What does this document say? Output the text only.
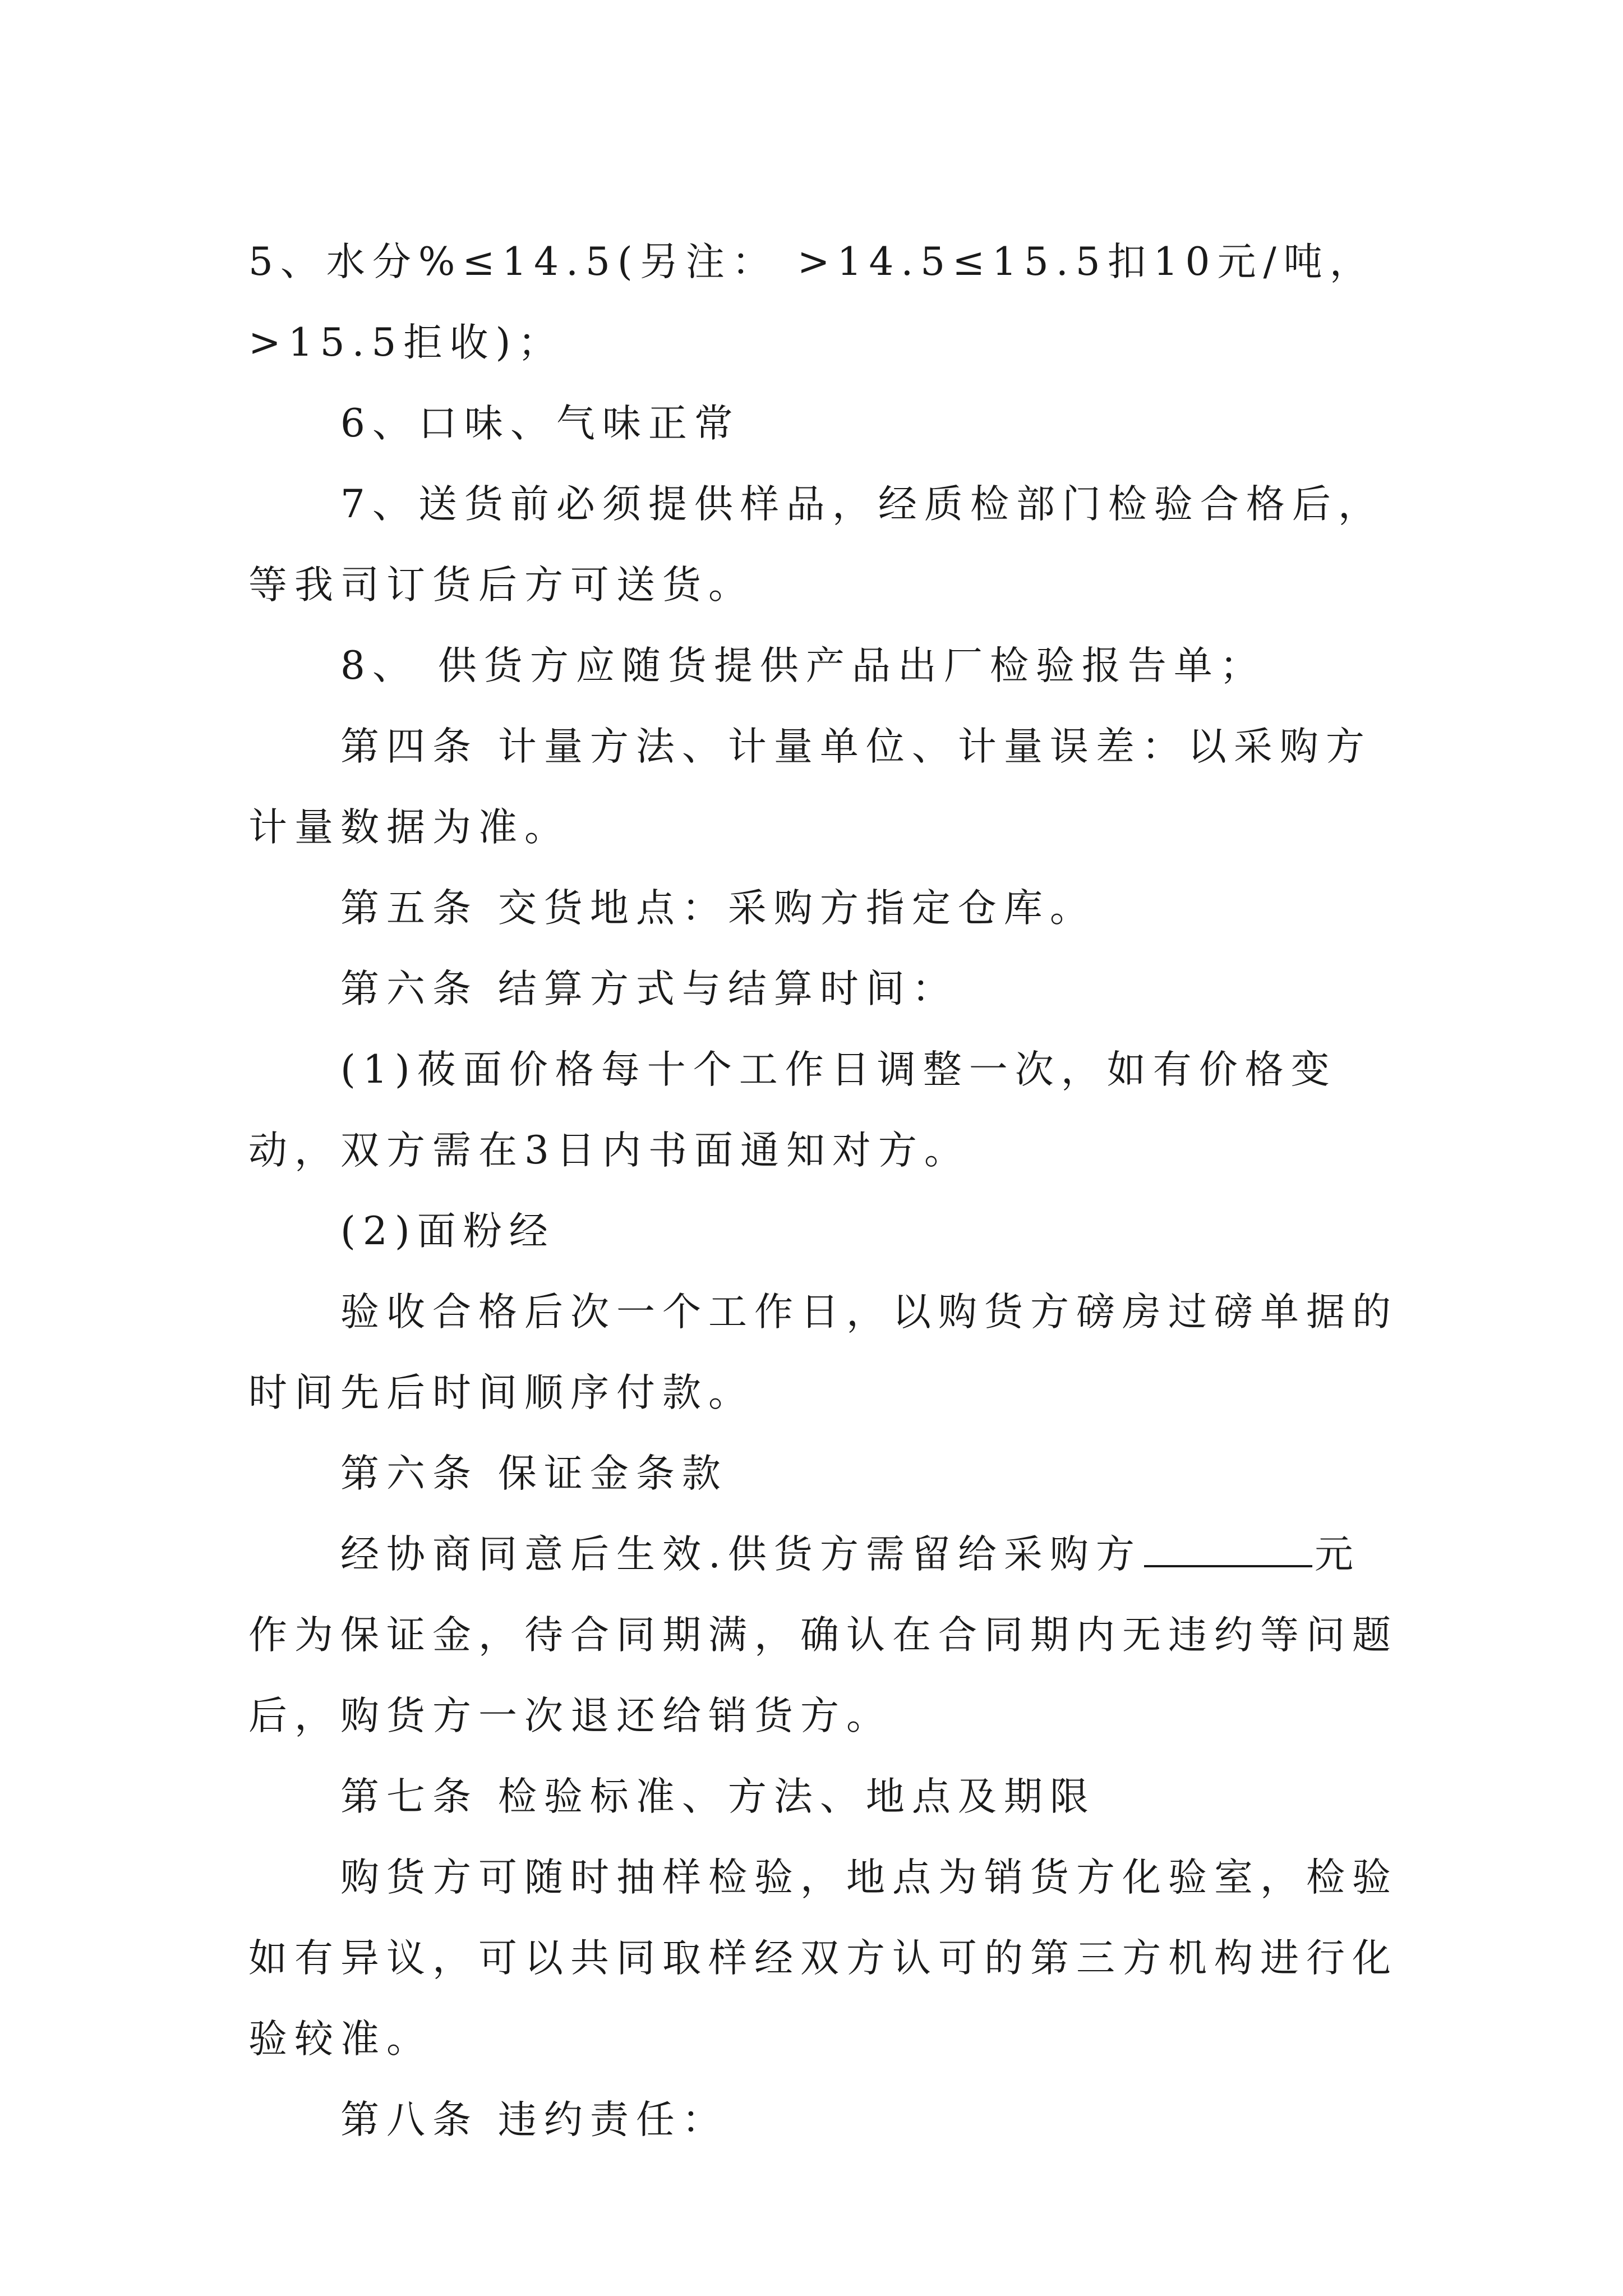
5、水分%≤14.5(另注： >14.5≤15.5扣10元/吨，>15.5拒收)；

6、口味、气味正常

7、送货前必须提供样品，经质检部门检验合格后，等我司订货后方可送货。

8、 供货方应随货提供产品出厂检验报告单；

第四条 计量方法、计量单位、计量误差：以采购方计量数据为准。

第五条 交货地点：采购方指定仓库。

第六条 结算方式与结算时间：

(1)莜面价格每十个工作日调整一次，如有价格变动，双方需在3日内书面通知对方。

(2)面粉经

验收合格后次一个工作日，以购货方磅房过磅单据的时间先后时间顺序付款。

第六条 保证金条款

经协商同意后生效.供货方需留给采购方	元作为保证金，待合同期满，确认在合同期内无违约等问题后，购货方一次退还给销货方。

第七条 检验标准、方法、地点及期限

购货方可随时抽样检验，地点为销货方化验室，检验如有异议，可以共同取样经双方认可的第三方机构进行化验较准。

第八条 违约责任：
